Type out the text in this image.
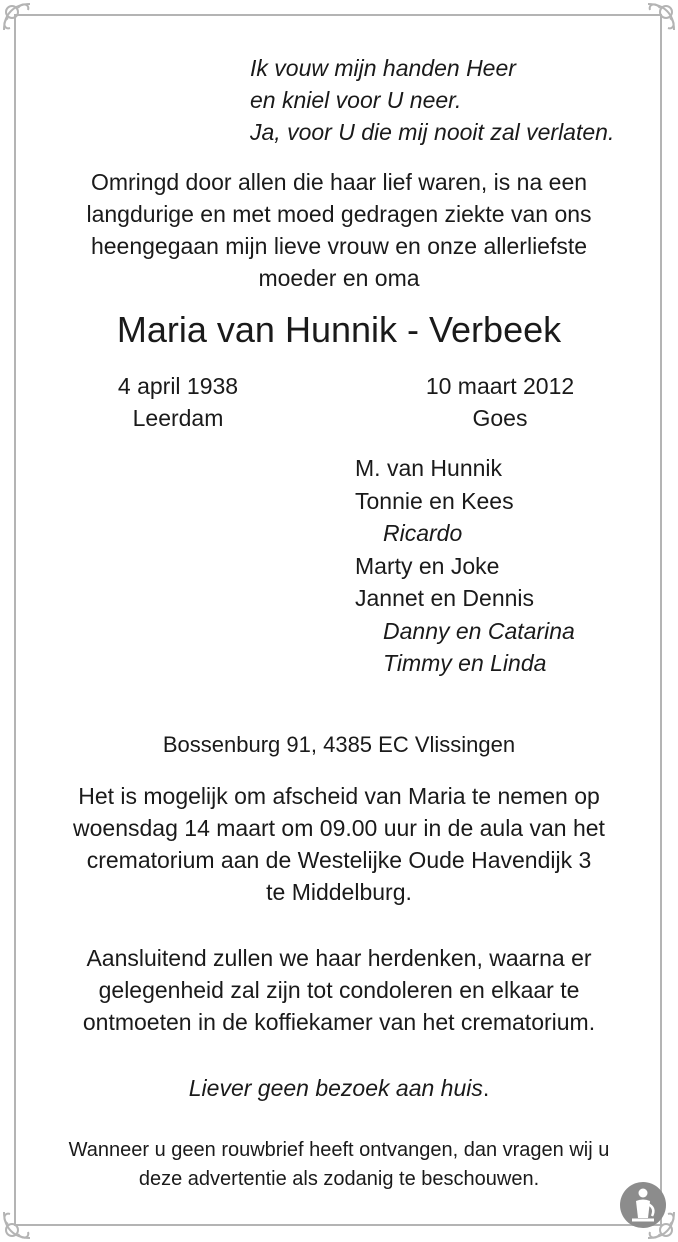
Ik vouw mijn handen Heer
en kniel voor U neer.
Ja, voor U die mij nooit zal verlaten.
Omringd door allen die haar lief waren, is na een
langdurige en met moed gedragen ziekte van ons
heengegaan mijn lieve vrouw en onze allerliefste
moeder en oma
Maria van Hunnik - Verbeek
4 april 1938
Leerdam
10 maart 2012
Goes
M. van Hunnik
Tonnie en Kees
Ricardo
Marty en Joke
Jannet en Dennis
Danny en Catarina
Timmy en Linda
Bossenburg 91, 4385 EC Vlissingen
Het is mogelijk om afscheid van Maria te nemen op
woensdag 14 maart om 09.00 uur in de aula van het
crematorium aan de Westelijke Oude Havendijk 3
te Middelburg.
Aansluitend zullen we haar herdenken, waarna er
gelegenheid zal zijn tot condoleren en elkaar te
ontmoeten in de koffiekamer van het crematorium.
Liever geen bezoek aan huis.
Wanneer u geen rouwbrief heeft ontvangen, dan vragen wij u
deze advertentie als zodanig te beschouwen.
